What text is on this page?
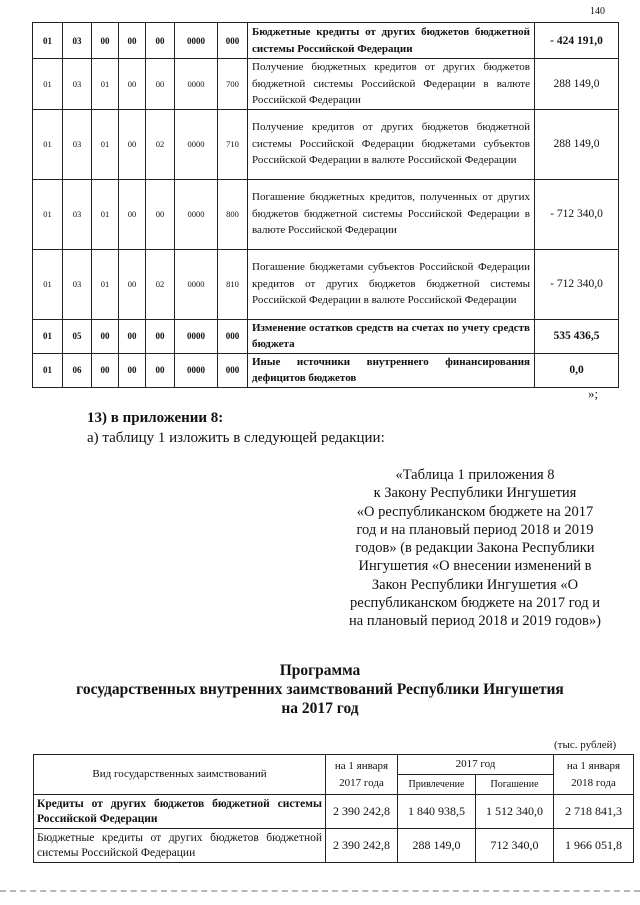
140
01	03	00	00	00	0000	000	Бюджетные кредиты от других бюджетов бюджетной системы Российской Федерации	- 424 191,0
01	03	01	00	00	0000	700	Получение бюджетных кредитов от других бюджетов бюджетной системы Российской Федерации в валюте Российской Федерации	288 149,0
01	03	01	00	02	0000	710	Получение кредитов от других бюджетов бюджетной системы Российской Федерации бюджетами субъектов Российской Федерации в валюте Российской Федерации	288 149,0
01	03	01	00	00	0000	800	Погашение бюджетных кредитов, полученных от других бюджетов бюджетной системы Российской Федерации в валюте Российской Федерации	- 712 340,0
01	03	01	00	02	0000	810	Погашение бюджетами субъектов Российской Федерации кредитов от других бюджетов бюджетной системы Российской Федерации в валюте Российской Федерации	- 712 340,0
01	05	00	00	00	0000	000	Изменение остатков средств на счетах по учету средств бюджета	535 436,5
01	06	00	00	00	0000	000	Иные источники внутреннего финансирования дефицитов бюджетов	0,0
»;
13) в приложении 8:
а) таблицу 1 изложить в следующей редакции:
«Таблица 1 приложения 8
к Закону Республики Ингушетия
«О республиканском бюджете на 2017
год и на плановый период 2018 и 2019
годов» (в редакции Закона Республики
Ингушетия «О внесении изменений в
Закон Республики Ингушетия «О
республиканском бюджете на 2017 год и
на плановый период 2018 и 2019 годов»)
Программа
государственных внутренних заимствований Республики Ингушетия
на 2017 год
(тыс. рублей)
Вид государственных заимствований	на 1 января 2017 года	2017 год		на 1 января 2018 года
		Привлечение	Погашение	
Кредиты от других бюджетов бюджетной системы Российской Федерации	2 390 242,8	1 840 938,5	1 512 340,0	2 718 841,3
Бюджетные кредиты от других бюджетов бюджетной системы Российской Федерации	2 390 242,8	288 149,0	712 340,0	1 966 051,8
